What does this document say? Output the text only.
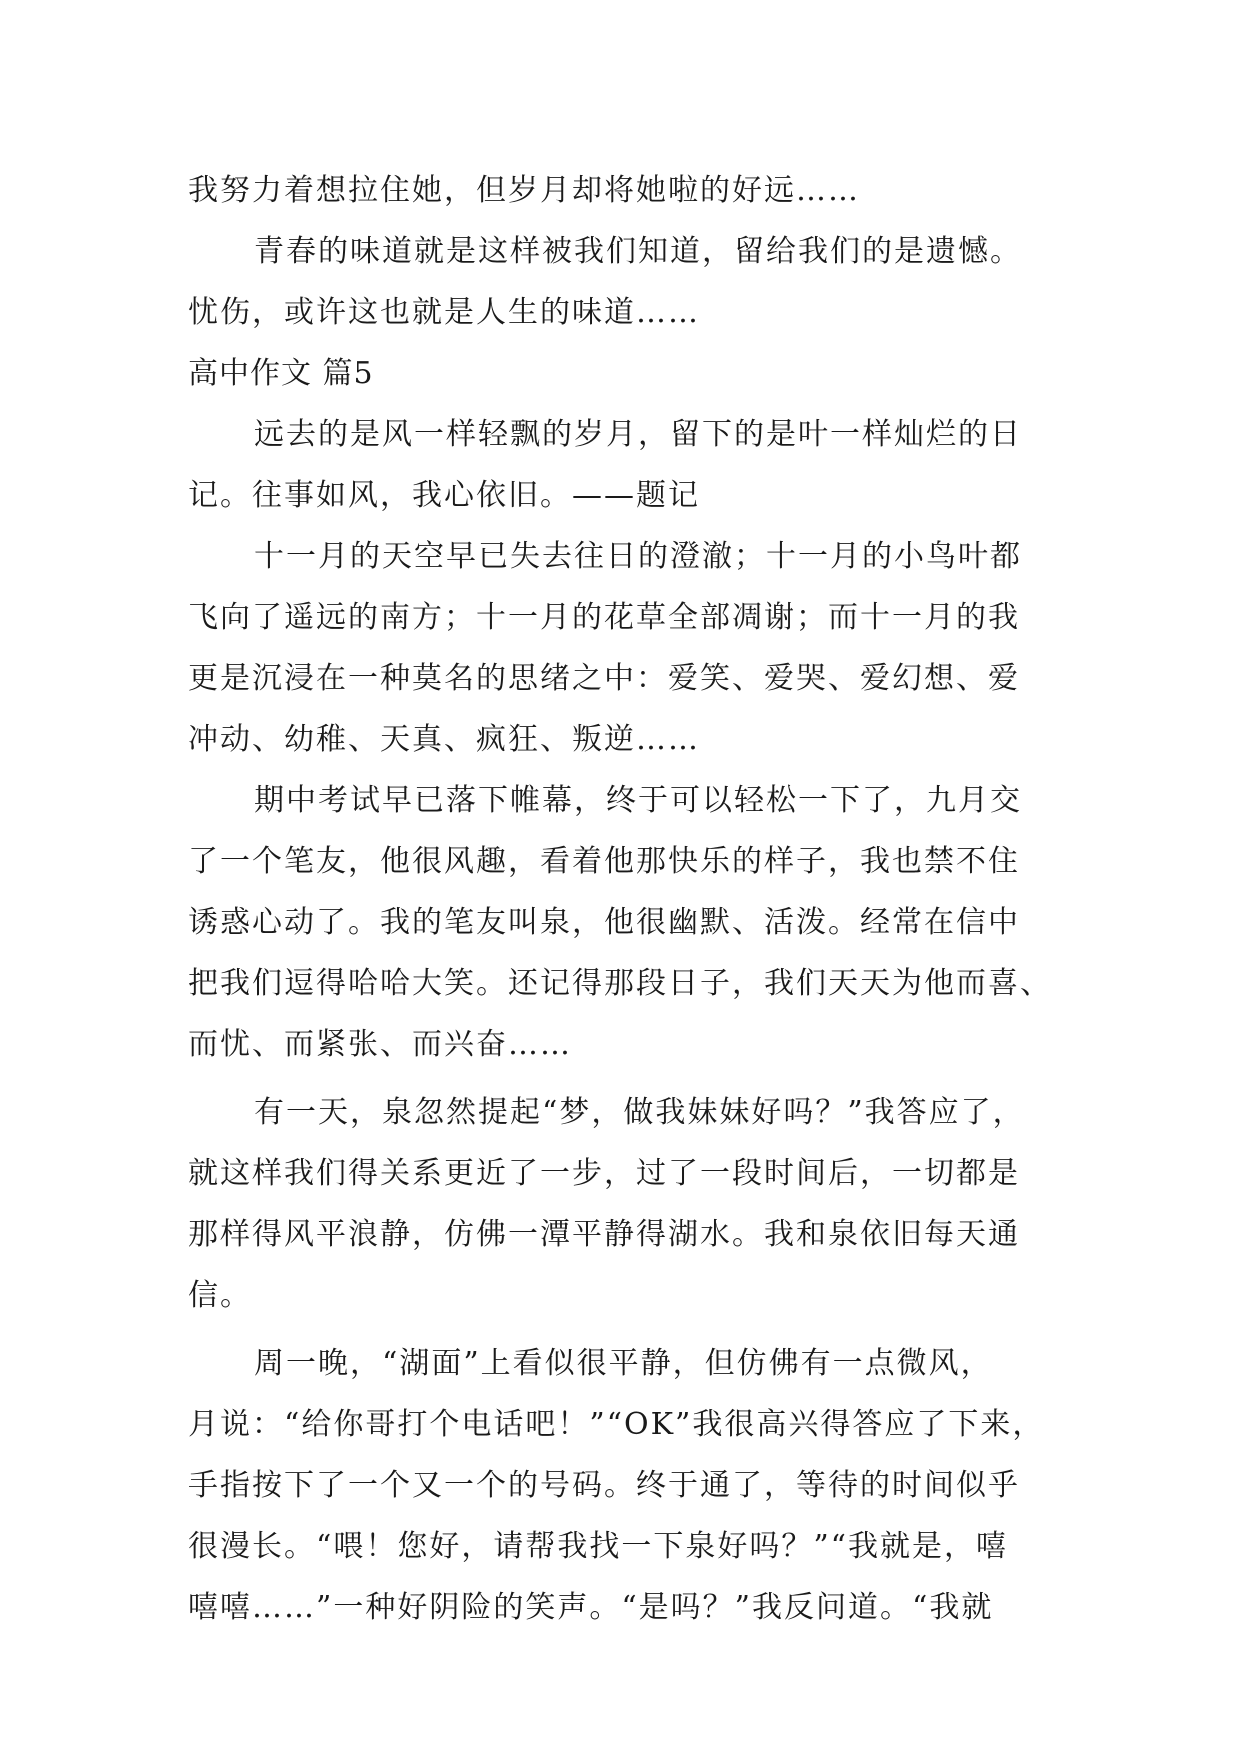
我努力着想拉住她，但岁月却将她啦的好远……
青春的味道就是这样被我们知道，留给我们的是遗憾。
忧伤，或许这也就是人生的味道……
高中作文 篇5
远去的是风一样轻飘的岁月，留下的是叶一样灿烂的日
记。往事如风，我心依旧。——题记
十一月的天空早已失去往日的澄澈；十一月的小鸟叶都
飞向了遥远的南方；十一月的花草全部凋谢；而十一月的我
更是沉浸在一种莫名的思绪之中：爱笑、爱哭、爱幻想、爱
冲动、幼稚、天真、疯狂、叛逆……
期中考试早已落下帷幕，终于可以轻松一下了，九月交
了一个笔友，他很风趣，看着他那快乐的样子，我也禁不住
诱惑心动了。我的笔友叫泉，他很幽默、活泼。经常在信中
把我们逗得哈哈大笑。还记得那段日子，我们天天为他而喜、
而忧、而紧张、而兴奋……
有一天，泉忽然提起“梦，做我妹妹好吗？”我答应了，
就这样我们得关系更近了一步，过了一段时间后，一切都是
那样得风平浪静，仿佛一潭平静得湖水。我和泉依旧每天通
信。
周一晚，“湖面”上看似很平静，但仿佛有一点微风，
月说：“给你哥打个电话吧！”“OK”我很高兴得答应了下来，
手指按下了一个又一个的号码。终于通了，等待的时间似乎
很漫长。“喂！您好，请帮我找一下泉好吗？”“我就是，嘻
嘻嘻……”一种好阴险的笑声。“是吗？”我反问道。“我就
